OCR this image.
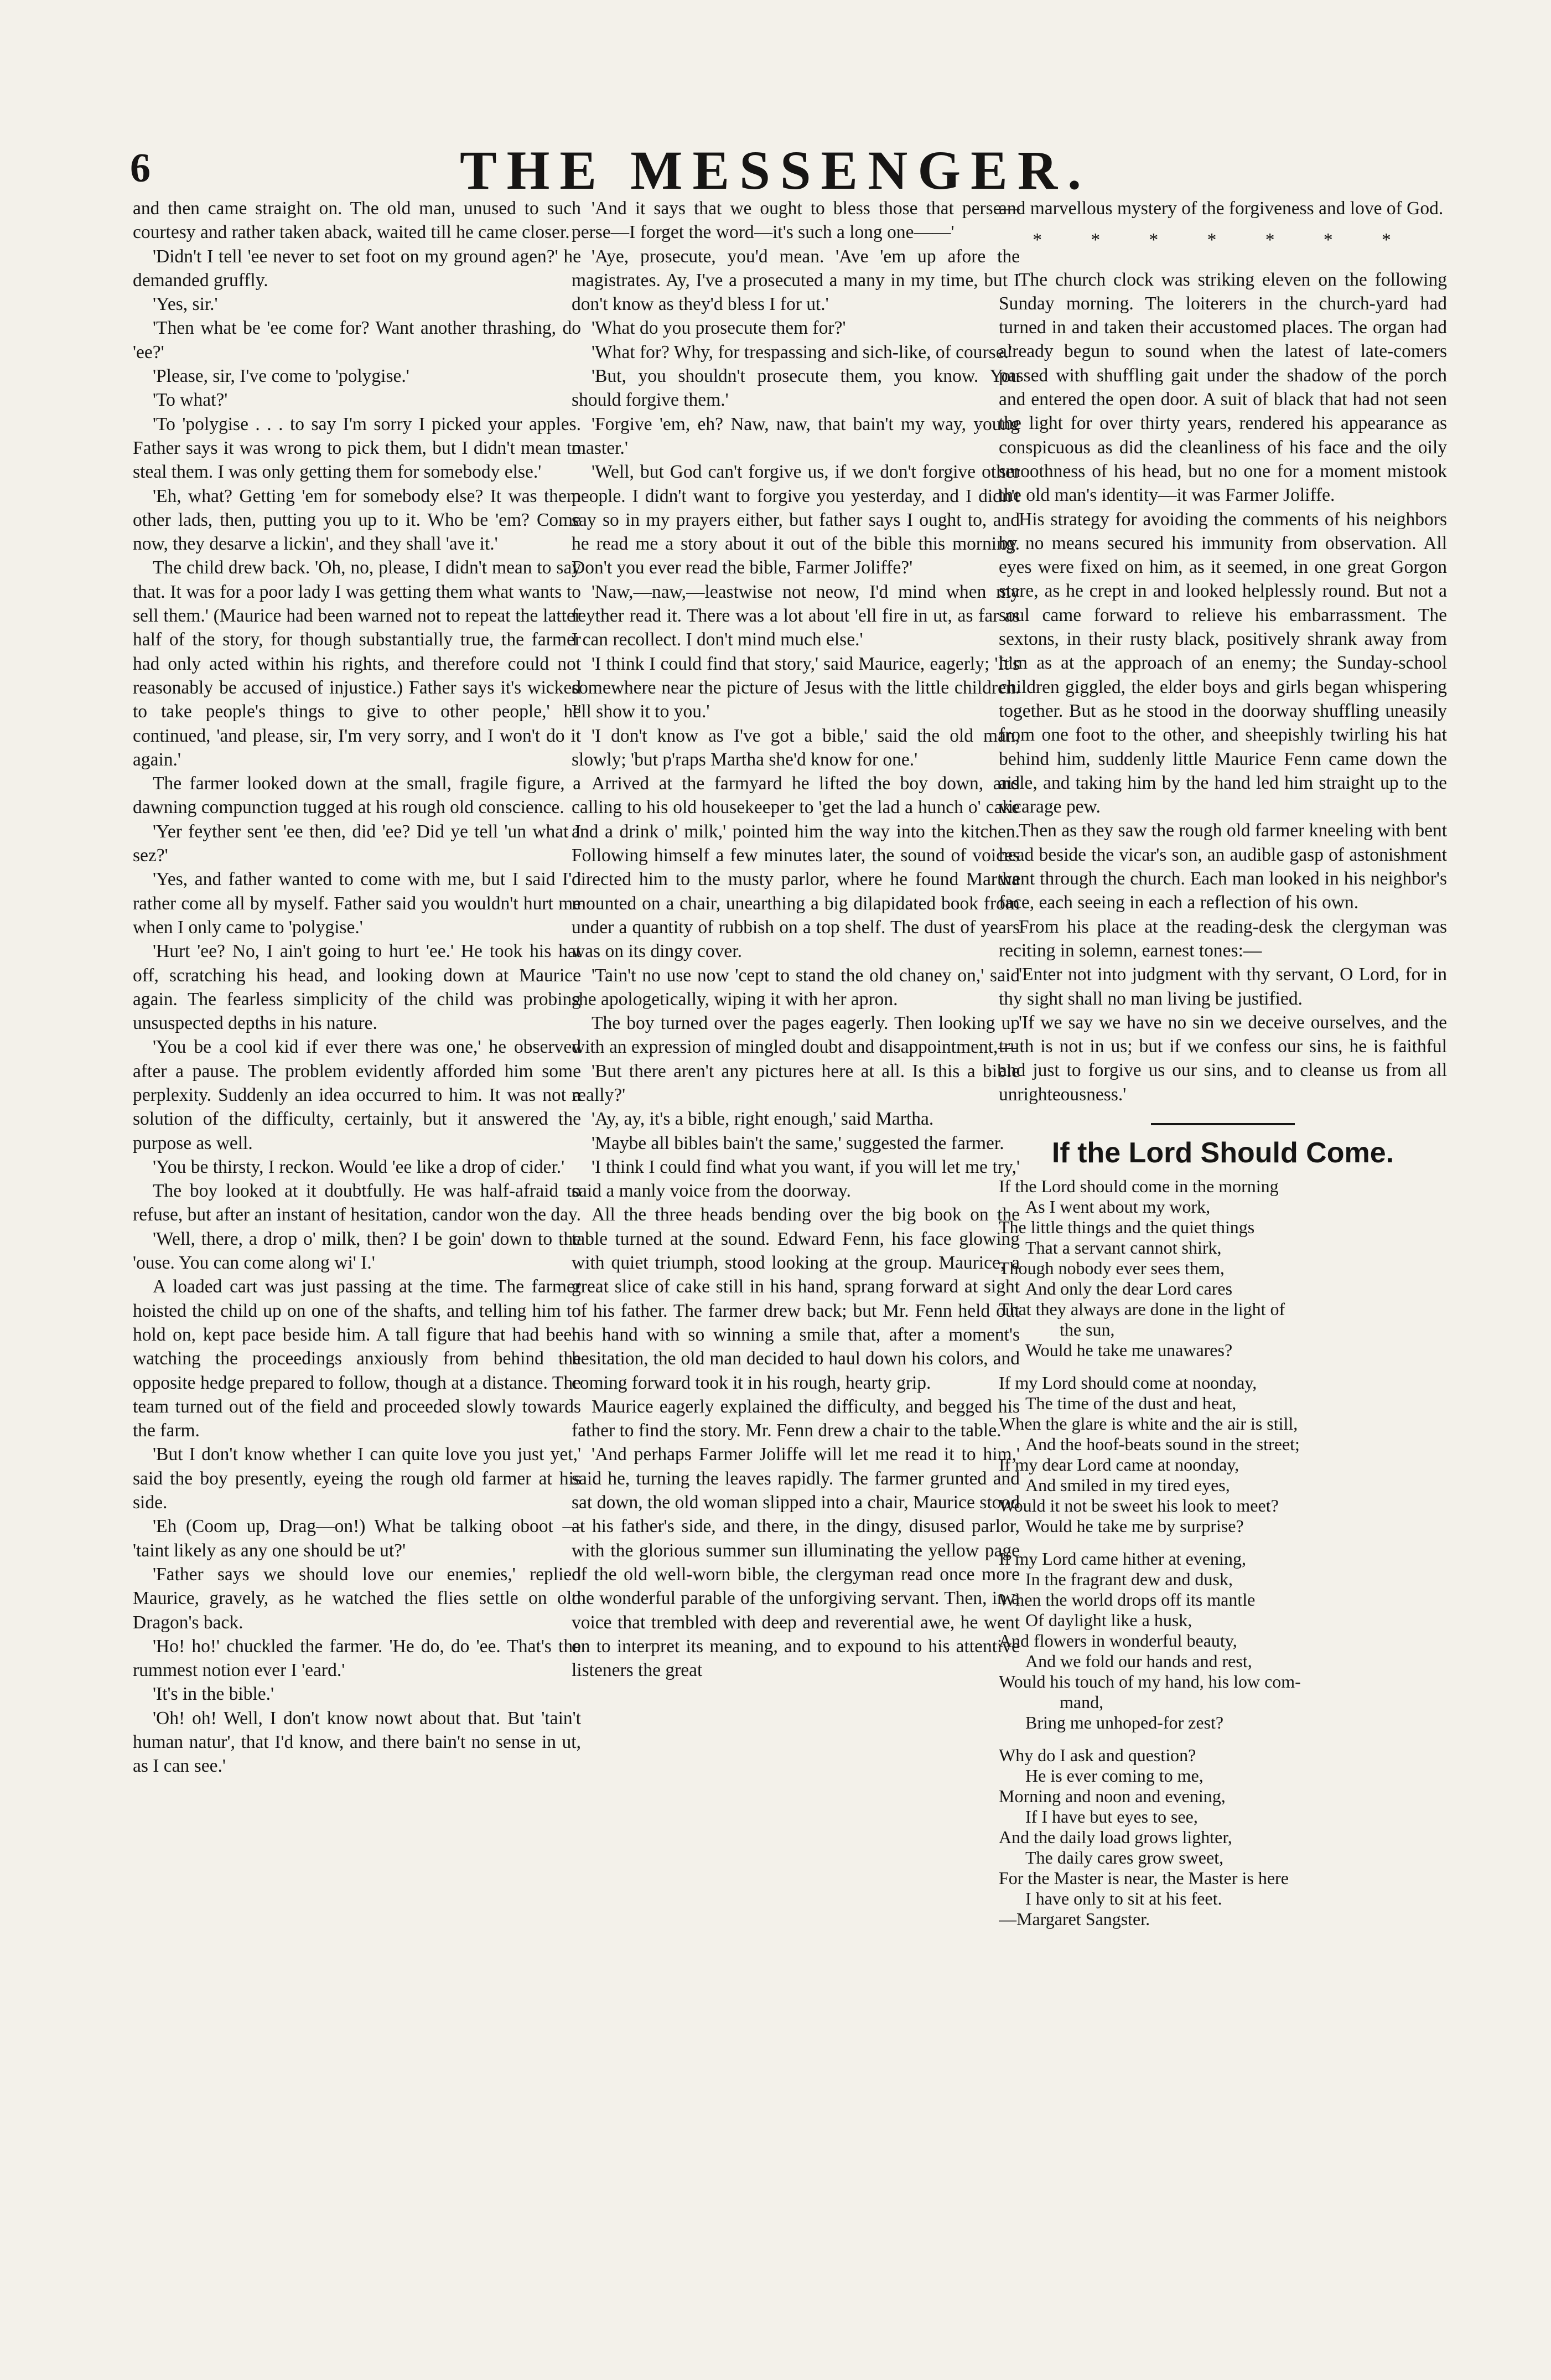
6	THE MESSENGER.

and then came straight on. The old man, unused to such courtesy and rather taken aback, waited till he came closer.

'Didn't I tell 'ee never to set foot on my ground agen?' he demanded gruffly.

'Yes, sir.'

'Then what be 'ee come for? Want another thrashing, do 'ee?'

'Please, sir, I've come to 'polygise.'

'To what?'

'To 'polygise . . . to say I'm sorry I picked your apples. Father says it was wrong to pick them, but I didn't mean to steal them. I was only getting them for somebody else.'

'Eh, what? Getting 'em for somebody else? It was them other lads, then, putting you up to it. Who be 'em? Come now, they desarve a lickin', and they shall 'ave it.'

The child drew back. 'Oh, no, please, I didn't mean to say that. It was for a poor lady I was getting them what wants to sell them.' (Maurice had been warned not to repeat the latter half of the story, for though substantially true, the farmer had only acted within his rights, and therefore could not reasonably be accused of injustice.) Father says it's wicked to take people's things to give to other people,' he continued, 'and please, sir, I'm very sorry, and I won't do it again.'

The farmer looked down at the small, fragile figure, a dawning compunction tugged at his rough old conscience.

'Yer feyther sent 'ee then, did 'ee? Did ye tell 'un what I sez?'

'Yes, and father wanted to come with me, but I said I'd rather come all by myself. Father said you wouldn't hurt me when I only came to 'polygise.'

'Hurt 'ee? No, I ain't going to hurt 'ee.' He took his hat off, scratching his head, and looking down at Maurice again. The fearless simplicity of the child was probing unsuspected depths in his nature.

'You be a cool kid if ever there was one,' he observed after a pause. The problem evidently afforded him some perplexity. Suddenly an idea occurred to him. It was not a solution of the difficulty, certainly, but it answered the purpose as well.

'You be thirsty, I reckon. Would 'ee like a drop of cider.'

The boy looked at it doubtfully. He was half-afraid to refuse, but after an instant of hesitation, candor won the day.

'Well, there, a drop o' milk, then? I be goin' down to the 'ouse. You can come along wi' I.'

A loaded cart was just passing at the time. The farmer hoisted the child up on one of the shafts, and telling him to hold on, kept pace beside him. A tall figure that had been watching the proceedings anxiously from behind the opposite hedge prepared to follow, though at a distance. The team turned out of the field and proceeded slowly towards the farm.

'But I don't know whether I can quite love you just yet,' said the boy presently, eyeing the rough old farmer at his side.

'Eh (Coom up, Drag—on!) What be talking oboot — 'taint likely as any one should be ut?'

'Father says we should love our enemies,' replied Maurice, gravely, as he watched the flies settle on old Dragon's back.

'Ho! ho!' chuckled the farmer. 'He do, do 'ee. That's the rummest notion ever I 'eard.'

'It's in the bible.'

'Oh! oh! Well, I don't know nowt about that. But 'tain't human natur', that I'd know, and there bain't no sense in ut, as I can see.'

'And it says that we ought to bless those that perse—perse—I forget the word—it's such a long one——'

'Aye, prosecute, you'd mean. 'Ave 'em up afore the magistrates. Ay, I've a prosecuted a many in my time, but I don't know as they'd bless I for ut.'

'What do you prosecute them for?'

'What for? Why, for trespassing and sich-like, of course.'

'But, you shouldn't prosecute them, you know. You should forgive them.'

'Forgive 'em, eh? Naw, naw, that bain't my way, young master.'

'Well, but God can't forgive us, if we don't forgive other people. I didn't want to forgive you yesterday, and I didn't say so in my prayers either, but father says I ought to, and he read me a story about it out of the bible this morning. Don't you ever read the bible, Farmer Joliffe?'

'Naw,—naw,—leastwise not neow, I'd mind when my feyther read it. There was a lot about 'ell fire in ut, as far as I can recollect. I don't mind much else.'

'I think I could find that story,' said Maurice, eagerly; 'It's somewhere near the picture of Jesus with the little children. I'll show it to you.'

'I don't know as I've got a bible,' said the old man, slowly; 'but p'raps Martha she'd know for one.'

Arrived at the farmyard he lifted the boy down, and calling to his old housekeeper to 'get the lad a hunch o' cake and a drink o' milk,' pointed him the way into the kitchen. Following himself a few minutes later, the sound of voices directed him to the musty parlor, where he found Martha mounted on a chair, unearthing a big dilapidated book from under a quantity of rubbish on a top shelf. The dust of years was on its dingy cover.

'Tain't no use now 'cept to stand the old chaney on,' said she apologetically, wiping it with her apron.

The boy turned over the pages eagerly. Then looking up with an expression of mingled doubt and disappointment,—

'But there aren't any pictures here at all. Is this a bible really?'

'Ay, ay, it's a bible, right enough,' said Martha.

'Maybe all bibles bain't the same,' suggested the farmer.

'I think I could find what you want, if you will let me try,' said a manly voice from the doorway.

All the three heads bending over the big book on the table turned at the sound. Edward Fenn, his face glowing with quiet triumph, stood looking at the group. Maurice, a great slice of cake still in his hand, sprang forward at sight of his father. The farmer drew back; but Mr. Fenn held out his hand with so winning a smile that, after a moment's hesitation, the old man decided to haul down his colors, and coming forward took it in his rough, hearty grip.

Maurice eagerly explained the difficulty, and begged his father to find the story. Mr. Fenn drew a chair to the table.

'And perhaps Farmer Joliffe will let me read it to him,' said he, turning the leaves rapidly. The farmer grunted and sat down, the old woman slipped into a chair, Maurice stood at his father's side, and there, in the dingy, disused parlor, with the glorious summer sun illuminating the yellow page of the old well-worn bible, the clergyman read once more the wonderful parable of the unforgiving servant. Then, in a voice that trembled with deep and reverential awe, he went on to interpret its meaning, and to expound to his attentive listeners the great

and marvellous mystery of the forgiveness and love of God.

* * * * * * *

The church clock was striking eleven on the following Sunday morning. The loiterers in the church-yard had turned in and taken their accustomed places. The organ had already begun to sound when the latest of late-comers passed with shuffling gait under the shadow of the porch and entered the open door. A suit of black that had not seen the light for over thirty years, rendered his appearance as conspicuous as did the cleanliness of his face and the oily smoothness of his head, but no one for a moment mistook the old man's identity—it was Farmer Joliffe.

His strategy for avoiding the comments of his neighbors by no means secured his immunity from observation. All eyes were fixed on him, as it seemed, in one great Gorgon stare, as he crept in and looked helplessly round. But not a soul came forward to relieve his embarrassment. The sextons, in their rusty black, positively shrank away from him as at the approach of an enemy; the Sunday-school children giggled, the elder boys and girls began whispering together. But as he stood in the doorway shuffling uneasily from one foot to the other, and sheepishly twirling his hat behind him, suddenly little Maurice Fenn came down the aisle, and taking him by the hand led him straight up to the vicarage pew.

Then as they saw the rough old farmer kneeling with bent head beside the vicar's son, an audible gasp of astonishment went through the church. Each man looked in his neighbor's face, each seeing in each a reflection of his own.

From his place at the reading-desk the clergyman was reciting in solemn, earnest tones:—

'Enter not into judgment with thy servant, O Lord, for in thy sight shall no man living be justified.

'If we say we have no sin we deceive ourselves, and the truth is not in us; but if we confess our sins, he is faithful and just to forgive us our sins, and to cleanse us from all unrighteousness.'

If the Lord Should Come.
If the Lord should come in the morning
As I went about my work,
The little things and the quiet things
That a servant cannot shirk,
Though nobody ever sees them,
And only the dear Lord cares
That they always are done in the light of
the sun,
Would he take me unawares?
If my Lord should come at noonday,
The time of the dust and heat,
When the glare is white and the air is still,
And the hoof-beats sound in the street;
If my dear Lord came at noonday,
And smiled in my tired eyes,
Would it not be sweet his look to meet?
Would he take me by surprise?
If my Lord came hither at evening,
In the fragrant dew and dusk,
When the world drops off its mantle
Of daylight like a husk,
And flowers in wonderful beauty,
And we fold our hands and rest,
Would his touch of my hand, his low com-
mand,
Bring me unhoped-for zest?
Why do I ask and question?
He is ever coming to me,
Morning and noon and evening,
If I have but eyes to see,
And the daily load grows lighter,
The daily cares grow sweet,
For the Master is near, the Master is here
I have only to sit at his feet.
—Margaret Sangster.
